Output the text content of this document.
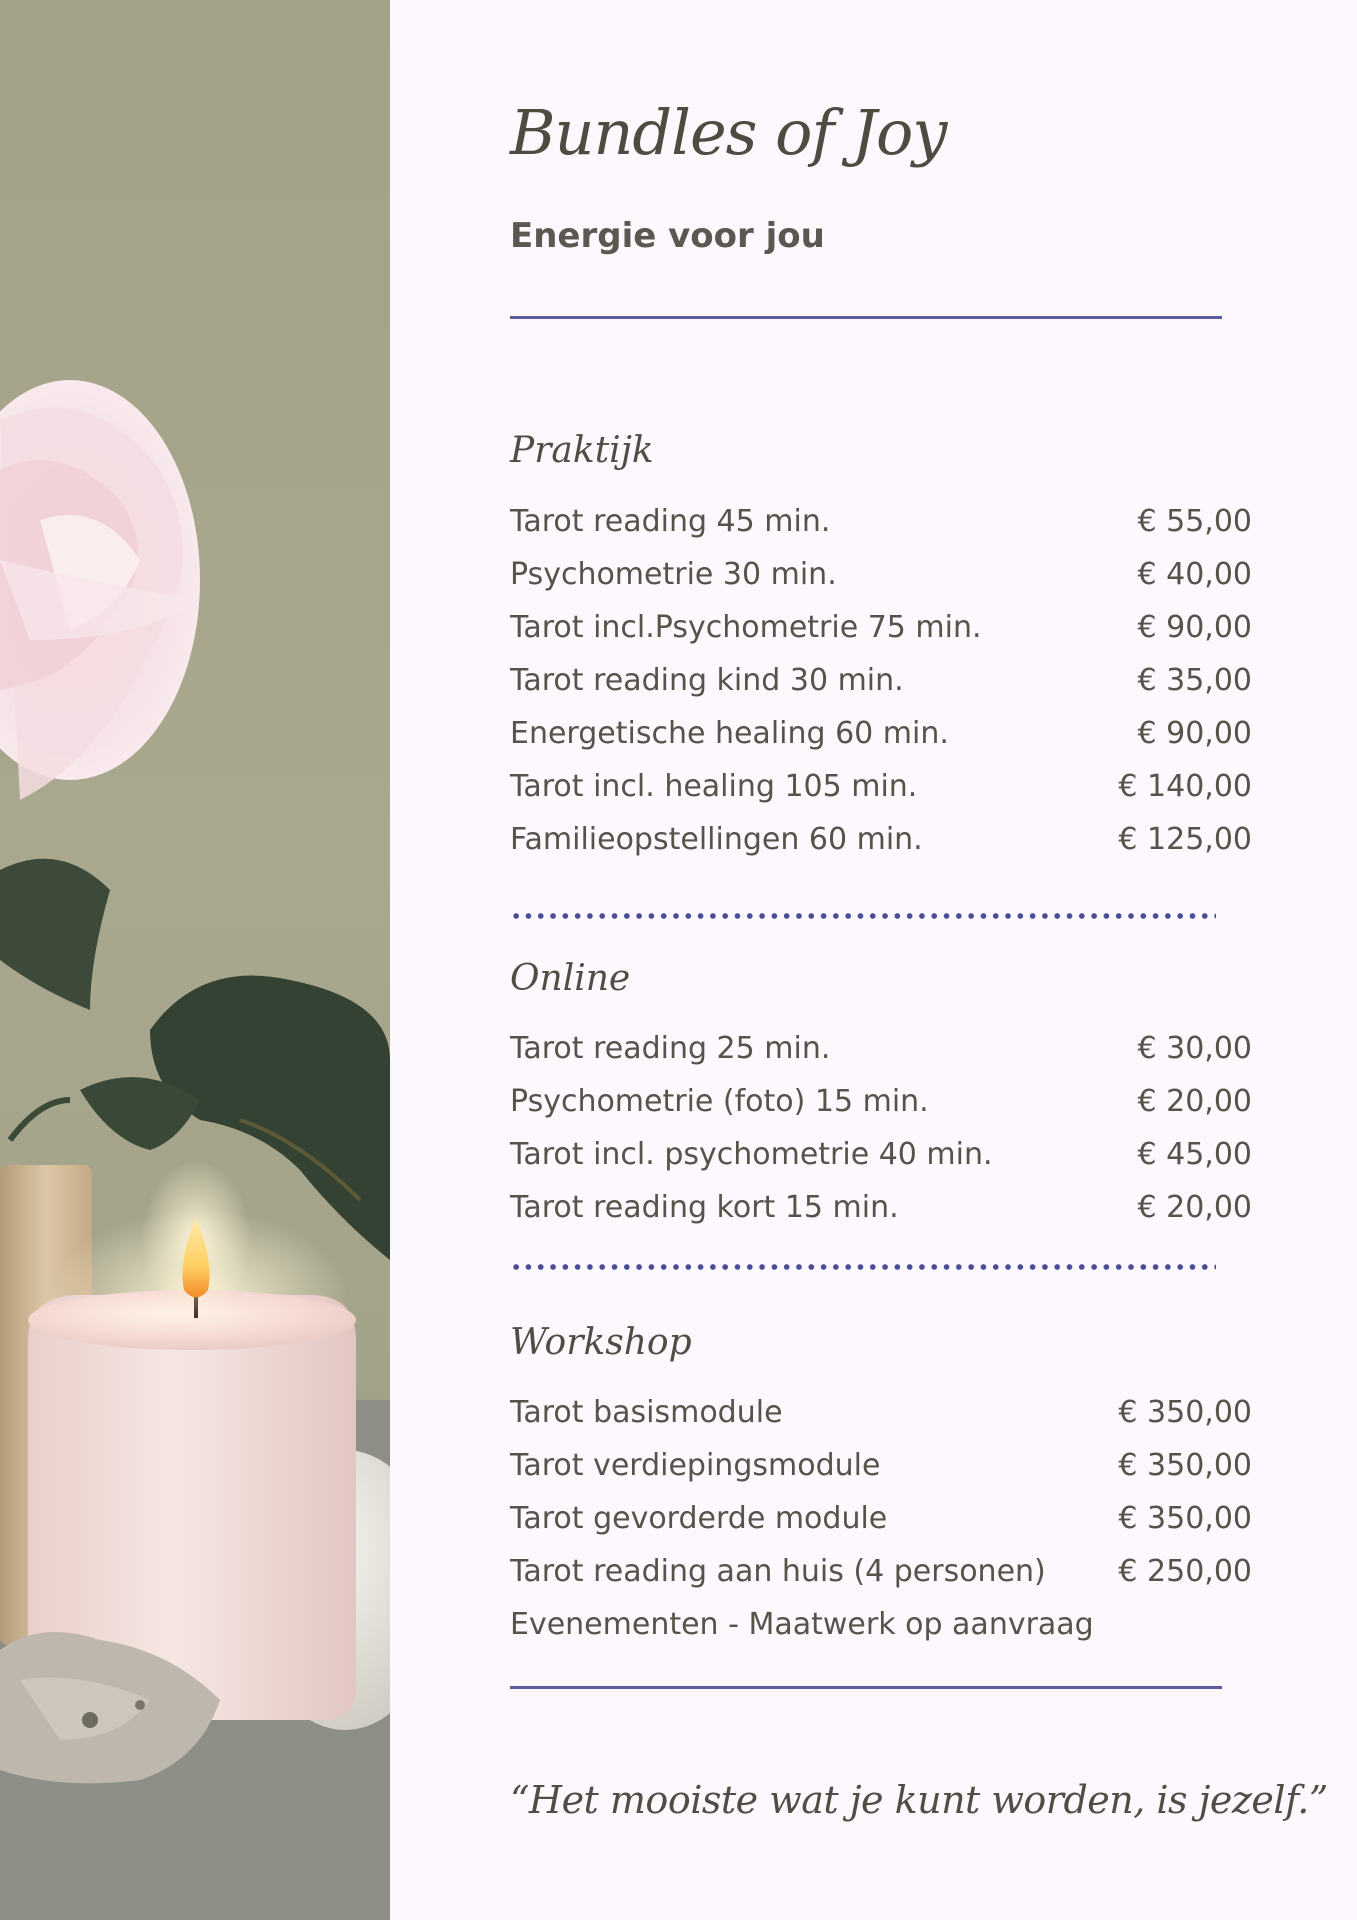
Bundles of Joy
Energie voor jou
Praktijk
Tarot reading 45 min.	€ 55,00
Psychometrie 30 min.	€ 40,00
Tarot incl.Psychometrie 75 min.	€ 90,00
Tarot reading kind 30 min.	€ 35,00
Energetische healing 60 min.	€ 90,00
Tarot incl. healing 105 min.	€ 140,00
Familieopstellingen 60 min.	€ 125,00
Online
Tarot reading 25 min.	€ 30,00
Psychometrie (foto) 15 min.	€ 20,00
Tarot incl. psychometrie 40 min.	€ 45,00
Tarot reading kort 15 min.	€ 20,00
Workshop
Tarot basismodule	€ 350,00
Tarot verdiepingsmodule	€ 350,00
Tarot gevorderde module	€ 350,00
Tarot reading aan huis (4 personen) € 250,00
Evenementen - Maatwerk op aanvraag

“Het mooiste wat je kunt worden, is jezelf.”
